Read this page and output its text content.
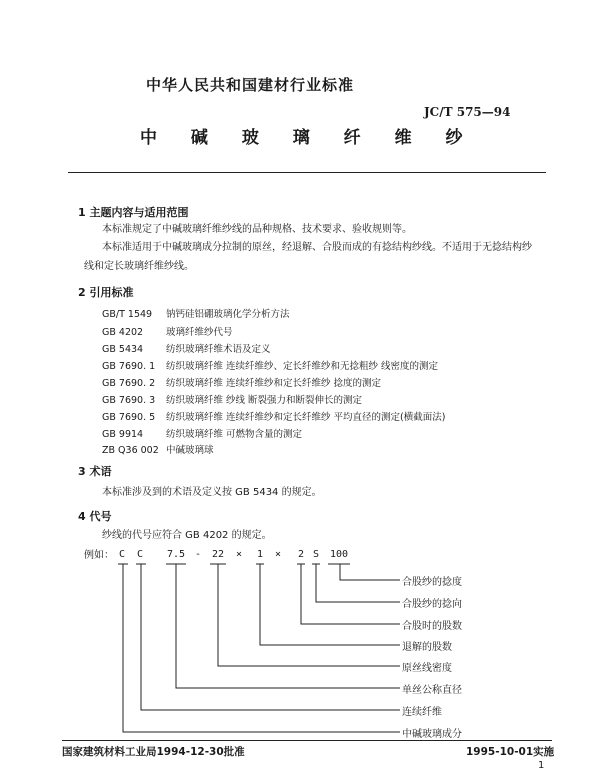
中华人民共和国建材行业标准
JC/T 575—94
中 碱 玻 璃 纤 维 纱
1 主题内容与适用范围
本标准规定了中碱玻璃纤维纱线的品种规格、技术要求、验收规则等。
本标准适用于中碱玻璃成分拉制的原丝，经退解、合股而成的有捻结构纱线。不适用于无捻结构纱
线和定长玻璃纤维纱线。
2 引用标准
GB/T 1549 钠钙硅铝硼玻璃化学分析方法
GB 4202 玻璃纤维纱代号
GB 5434 纺织玻璃纤维术语及定义
GB 7690. 1 纺织玻璃纤维 连续纤维纱、定长纤维纱和无捻粗纱 线密度的测定
GB 7690. 2 纺织玻璃纤维 连续纤维纱和定长纤维纱 捻度的测定
GB 7690. 3 纺织玻璃纤维 纱线 断裂强力和断裂伸长的测定
GB 7690. 5 纺织玻璃纤维 连续纤维纱和定长纤维纱 平均直径的测定(横截面法)
GB 9914 纺织玻璃纤维 可燃物含量的测定
ZB Q36 002 中碱玻璃球
3 术语
本标准涉及到的术语及定义按 GB 5434 的规定。
4 代号
纱线的代号应符合 GB 4202 的规定。
例如： C C 7.5 - 22 × 1 × 2 S 100
合股纱的捻度
合股纱的捻向
合股时的股数
退解的股数
原丝线密度
单丝公称直径
连续纤维
中碱玻璃成分
国家建筑材料工业局1994-12-30批准	1995-10-01实施
1
